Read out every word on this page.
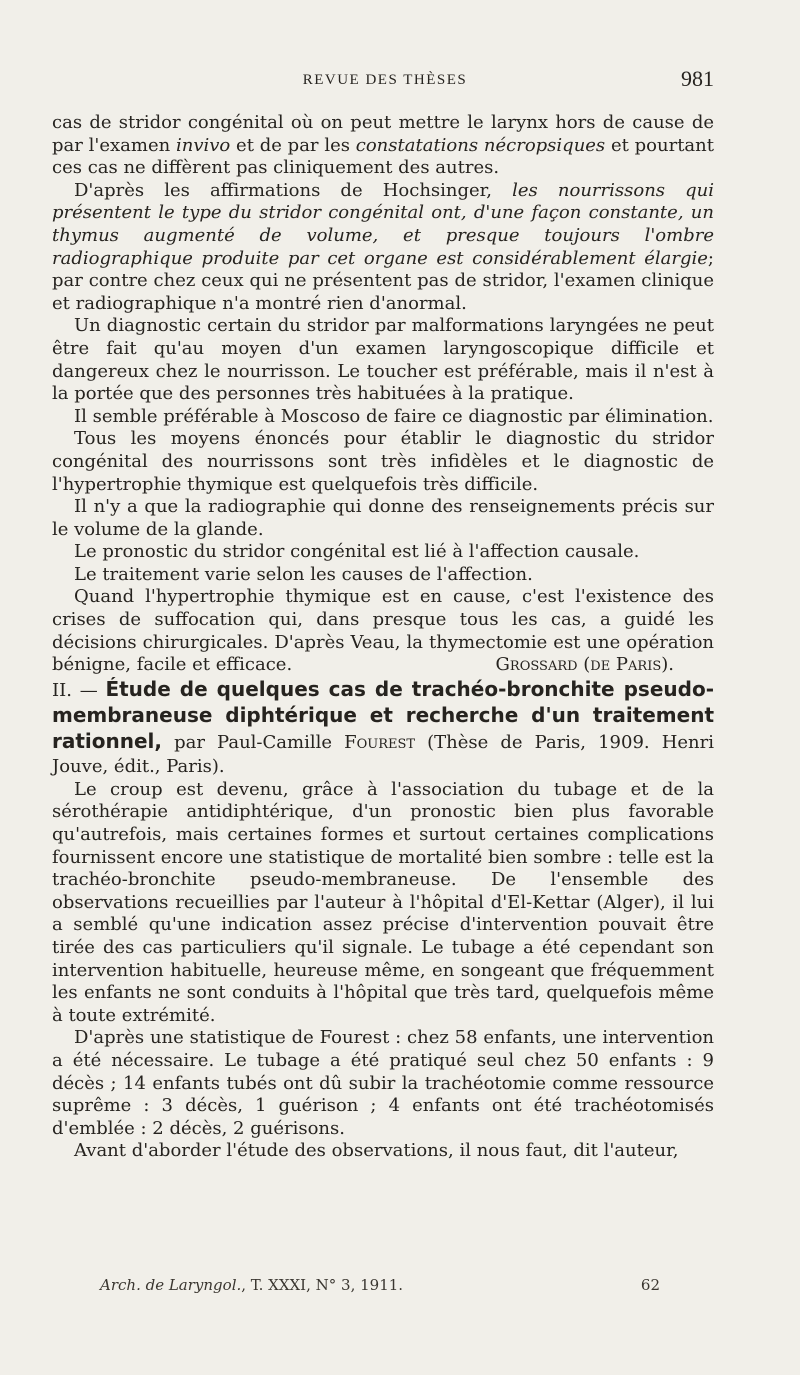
REVUE DES THÈSES	981

cas de stridor congénital où on peut mettre le larynx hors de cause de par l'examen invivo et de par les constatations nécropsiques et pourtant ces cas ne diffèrent pas cliniquement des autres.

D'après les affirmations de Hochsinger, les nourrissons qui présentent le type du stridor congénital ont, d'une façon constante, un thymus augmenté de volume, et presque toujours l'ombre radiographique produite par cet organe est considérablement élargie; par contre chez ceux qui ne présentent pas de stridor, l'examen clinique et radiographique n'a montré rien d'anormal.

Un diagnostic certain du stridor par malformations laryngées ne peut être fait qu'au moyen d'un examen laryngoscopique difficile et dangereux chez le nourrisson. Le toucher est préférable, mais il n'est à la portée que des personnes très habituées à la pratique.

Il semble préférable à Moscoso de faire ce diagnostic par élimination.

Tous les moyens énoncés pour établir le diagnostic du stridor congénital des nourrissons sont très infidèles et le diagnostic de l'hypertrophie thymique est quelquefois très difficile.

Il n'y a que la radiographie qui donne des renseignements précis sur le volume de la glande.

Le pronostic du stridor congénital est lié à l'affection causale.

Le traitement varie selon les causes de l'affection.

Quand l'hypertrophie thymique est en cause, c'est l'existence des crises de suffocation qui, dans presque tous les cas, a guidé les décisions chirurgicales. D'après Veau, la thymectomie est une opération bénigne, facile et efficace.	Grossard (de Paris).

II. — Étude de quelques cas de trachéo-bronchite pseudo-membraneuse diphtérique et recherche d'un traitement rationnel, par Paul-Camille Fourest (Thèse de Paris, 1909. Henri Jouve, édit., Paris).

Le croup est devenu, grâce à l'association du tubage et de la sérothérapie antidiphtérique, d'un pronostic bien plus favorable qu'autrefois, mais certaines formes et surtout certaines complications fournissent encore une statistique de mortalité bien sombre : telle est la trachéo-bronchite pseudo-membraneuse. De l'ensemble des observations recueillies par l'auteur à l'hôpital d'El-Kettar (Alger), il lui a semblé qu'une indication assez précise d'intervention pouvait être tirée des cas particuliers qu'il signale. Le tubage a été cependant son intervention habituelle, heureuse même, en songeant que fréquemment les enfants ne sont conduits à l'hôpital que très tard, quelquefois même à toute extrémité.

D'après une statistique de Fourest : chez 58 enfants, une intervention a été nécessaire. Le tubage a été pratiqué seul chez 50 enfants : 9 décès ; 14 enfants tubés ont dû subir la trachéotomie comme ressource suprême : 3 décès, 1 guérison ; 4 enfants ont été trachéotomisés d'emblée : 2 décès, 2 guérisons.

Avant d'aborder l'étude des observations, il nous faut, dit l'auteur,

Arch. de Laryngol., T. XXXI, N° 3, 1911.	62
